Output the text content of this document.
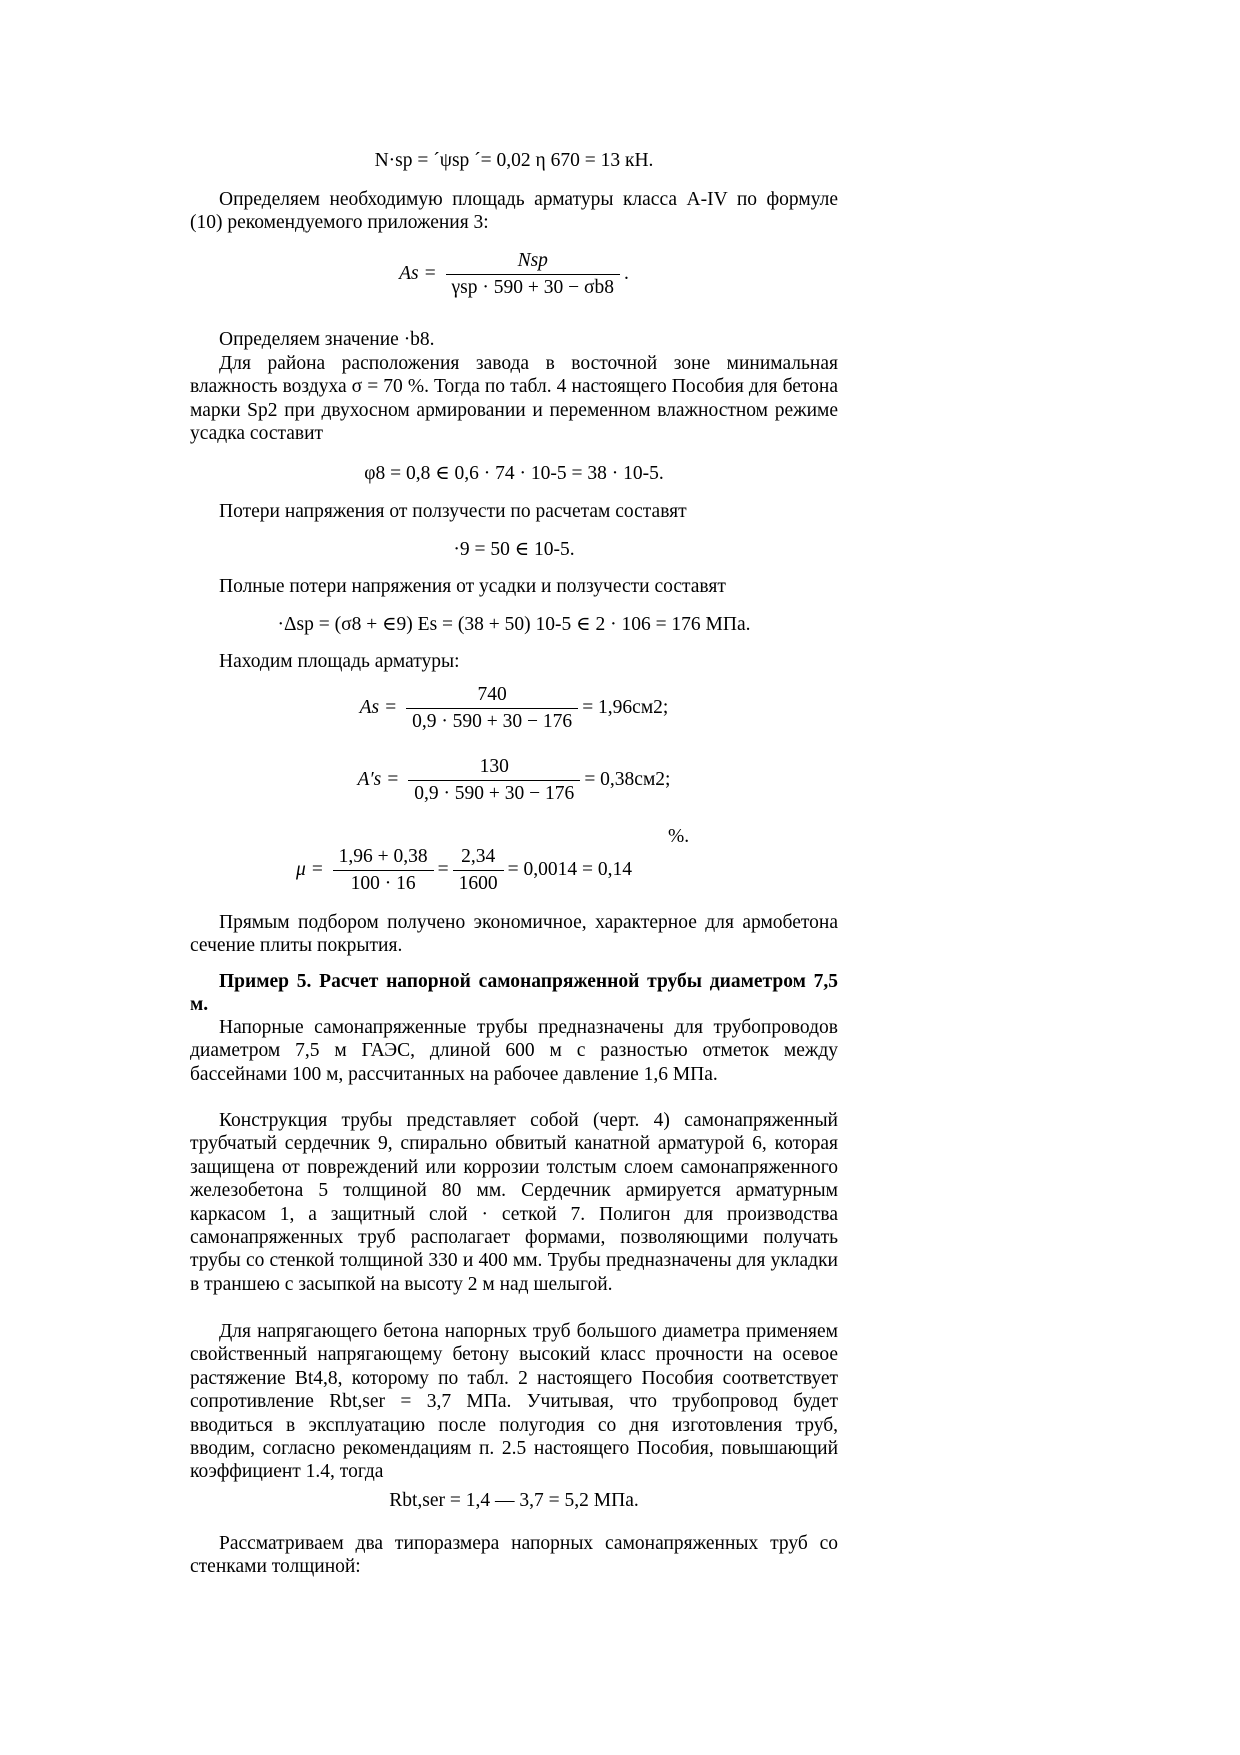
N·sp = ´ψsp ´= 0,02 η 670 = 13 кН.

Определяем необходимую площадь арматуры класса A-IV по формуле (10) рекомендуемого приложения 3:

$As = \frac{\text{Nsp}}{\text{γsp · 590 + 30 − σb8}}$ .

Определяем значение ·b8.

Для района расположения завода в восточной зоне минимальная влажность воздуха σ = 70 %. Тогда по табл. 4 настоящего Пособия для бетона марки Sp2 при двухосном армировании и переменном влажностном режиме усадка составит

φ8 = 0,8 ∈ 0,6 · 74 · 10-5 = 38 · 10-5.

Потери напряжения от ползучести по расчетам составят

·9 = 50 ∈ 10-5.

Полные потери напряжения от усадки и ползучести составят

·Δsp = (σ8 + ∈9) Es = (38 + 50) 10-5 ∈ 2 · 106 = 176 МПа.

Находим площадь арматуры:

$As = \frac{740}{0,9 \cdot 590 + 30 - 176} = 1,96см2$;
$A's = \frac{130}{0,9 \cdot 590 + 30 - 176} = 0,38см2$;
%.
$\mu = \frac{1,96 + 0,38}{100 \cdot 16} = \frac{2,34}{1600} = 0,0014 = 0,14$

Прямым подбором получено экономичное, характерное для армобетона сечение плиты покрытия.

Пример 5. Расчет напорной самонапряженной трубы диаметром 7,5 м.

Напорные самонапряженные трубы предназначены для трубопроводов диаметром 7,5 м ГАЭС, длиной 600 м с разностью отметок между бассейнами 100 м, рассчитанных на рабочее давление 1,6 МПа.

Конструкция трубы представляет собой (черт. 4) самонапряженный трубчатый сердечник 9, спирально обвитый канатной арматурой 6, которая защищена от повреждений или коррозии толстым слоем самонапряженного железобетона 5 толщиной 80 мм. Сердечник армируется арматурным каркасом 1, а защитный слой · сеткой 7. Полигон для производства самонапряженных труб располагает формами, позволяющими получать трубы со стенкой толщиной 330 и 400 мм. Трубы предназначены для укладки в траншею с засыпкой на высоту 2 м над шелыгой.

Для напрягающего бетона напорных труб большого диаметра применяем свойственный напрягающему бетону высокий класс прочности на осевое растяжение Bt4,8, которому по табл. 2 настоящего Пособия соответствует сопротивление Rbt,ser = 3,7 МПа. Учитывая, что трубопровод будет вводиться в эксплуатацию после полугодия со дня изготовления труб, вводим, согласно рекомендациям п. 2.5 настоящего Пособия, повышающий коэффициент 1.4, тогда

Rbt,ser = 1,4 — 3,7 = 5,2 МПа.

Рассматриваем два типоразмера напорных самонапряженных труб со стенками толщиной:
